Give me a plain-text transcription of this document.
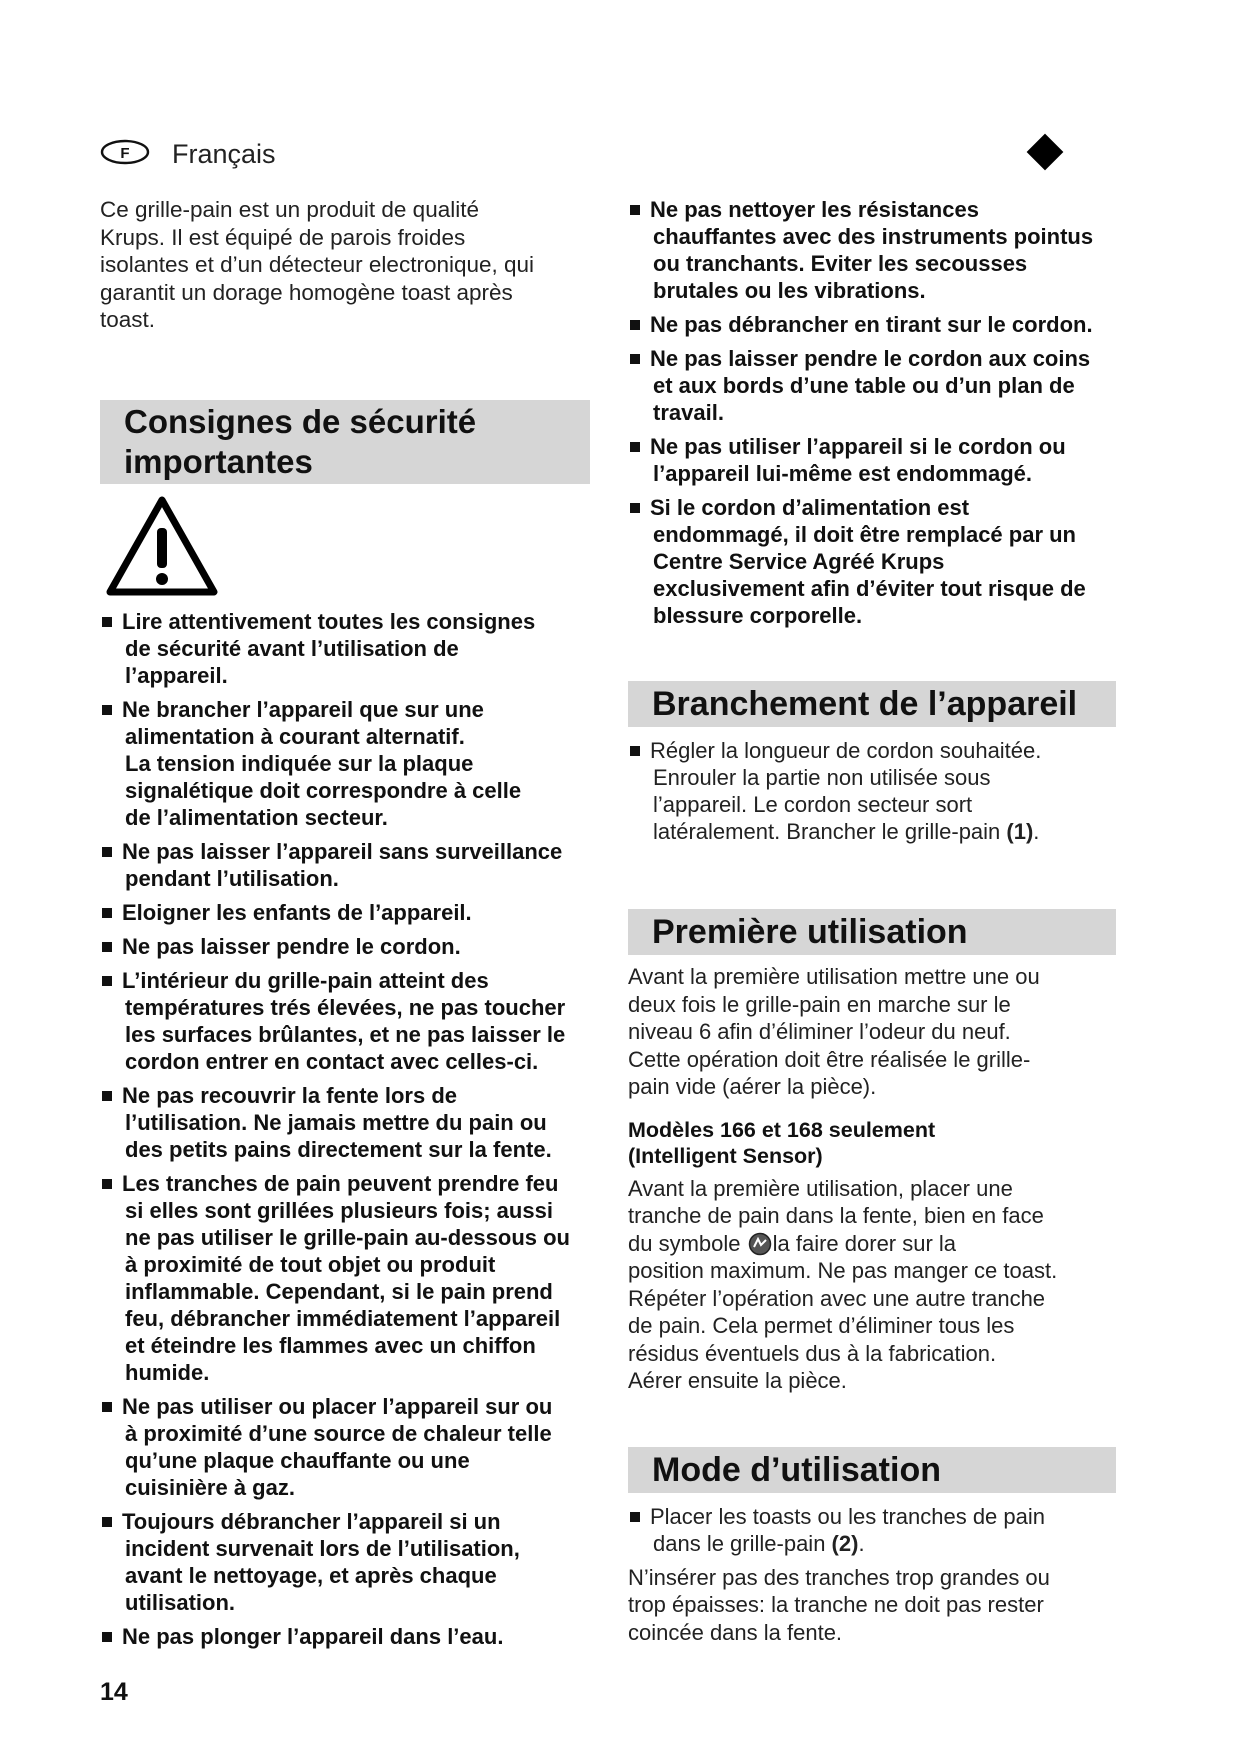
F Français

Ce grille-pain est un produit de qualité
Krups. Il est équipé de parois froides
isolantes et d’un détecteur electronique, qui
garantit un dorage homogène toast après
toast.

Consignes de sécurité
importantes
Lire attentivement toutes les consignes
de sécurité avant l’utilisation de
l’appareil.
Ne brancher l’appareil que sur une
alimentation à courant alternatif.
La tension indiquée sur la plaque
signalétique doit correspondre à celle
de l’alimentation secteur.
Ne pas laisser l’appareil sans surveillance
pendant l’utilisation.
Eloigner les enfants de l’appareil.
Ne pas laisser pendre le cordon.
L’intérieur du grille-pain atteint des
températures trés élevées, ne pas toucher
les surfaces brûlantes, et ne pas laisser le
cordon entrer en contact avec celles-ci.
Ne pas recouvrir la fente lors de
l’utilisation. Ne jamais mettre du pain ou
des petits pains directement sur la fente.
Les tranches de pain peuvent prendre feu
si elles sont grillées plusieurs fois; aussi
ne pas utiliser le grille-pain au-dessous ou
à proximité de tout objet ou produit
inflammable. Cependant, si le pain prend
feu, débrancher immédiatement l’appareil
et éteindre les flammes avec un chiffon
humide.
Ne pas utiliser ou placer l’appareil sur ou
à proximité d’une source de chaleur telle
qu’une plaque chauffante ou une
cuisinière à gaz.
Toujours débrancher l’appareil si un
incident survenait lors de l’utilisation,
avant le nettoyage, et après chaque
utilisation.
Ne pas plonger l’appareil dans l’eau.
Ne pas nettoyer les résistances
chauffantes avec des instruments pointus
ou tranchants. Eviter les secousses
brutales ou les vibrations.
Ne pas débrancher en tirant sur le cordon.
Ne pas laisser pendre le cordon aux coins
et aux bords d’une table ou d’un plan de
travail.
Ne pas utiliser l’appareil si le cordon ou
l’appareil lui-même est endommagé.
Si le cordon d’alimentation est
endommagé, il doit être remplacé par un
Centre Service Agréé Krups
exclusivement afin d’éviter tout risque de
blessure corporelle.
Branchement de l’appareil
Régler la longueur de cordon souhaitée.
Enrouler la partie non utilisée sous
l’appareil. Le cordon secteur sort
latéralement. Brancher le grille-pain (1).
Première utilisation

Avant la première utilisation mettre une ou
deux fois le grille-pain en marche sur le
niveau 6 afin d’éliminer l’odeur du neuf.
Cette opération doit être réalisée le grille-
pain vide (aérer la pièce).

Modèles 166 et 168 seulement
(Intelligent Sensor)

Avant la première utilisation, placer une
tranche de pain dans la fente, bien en face
du symbole la faire dorer sur la
position maximum. Ne pas manger ce toast.
Répéter l’opération avec une autre tranche
de pain. Cela permet d’éliminer tous les
résidus éventuels dus à la fabrication.
Aérer ensuite la pièce.

Mode d’utilisation
Placer les toasts ou les tranches de pain
dans le grille-pain (2).

N’insérer pas des tranches trop grandes ou
trop épaisses: la tranche ne doit pas rester
coincée dans la fente.

14
